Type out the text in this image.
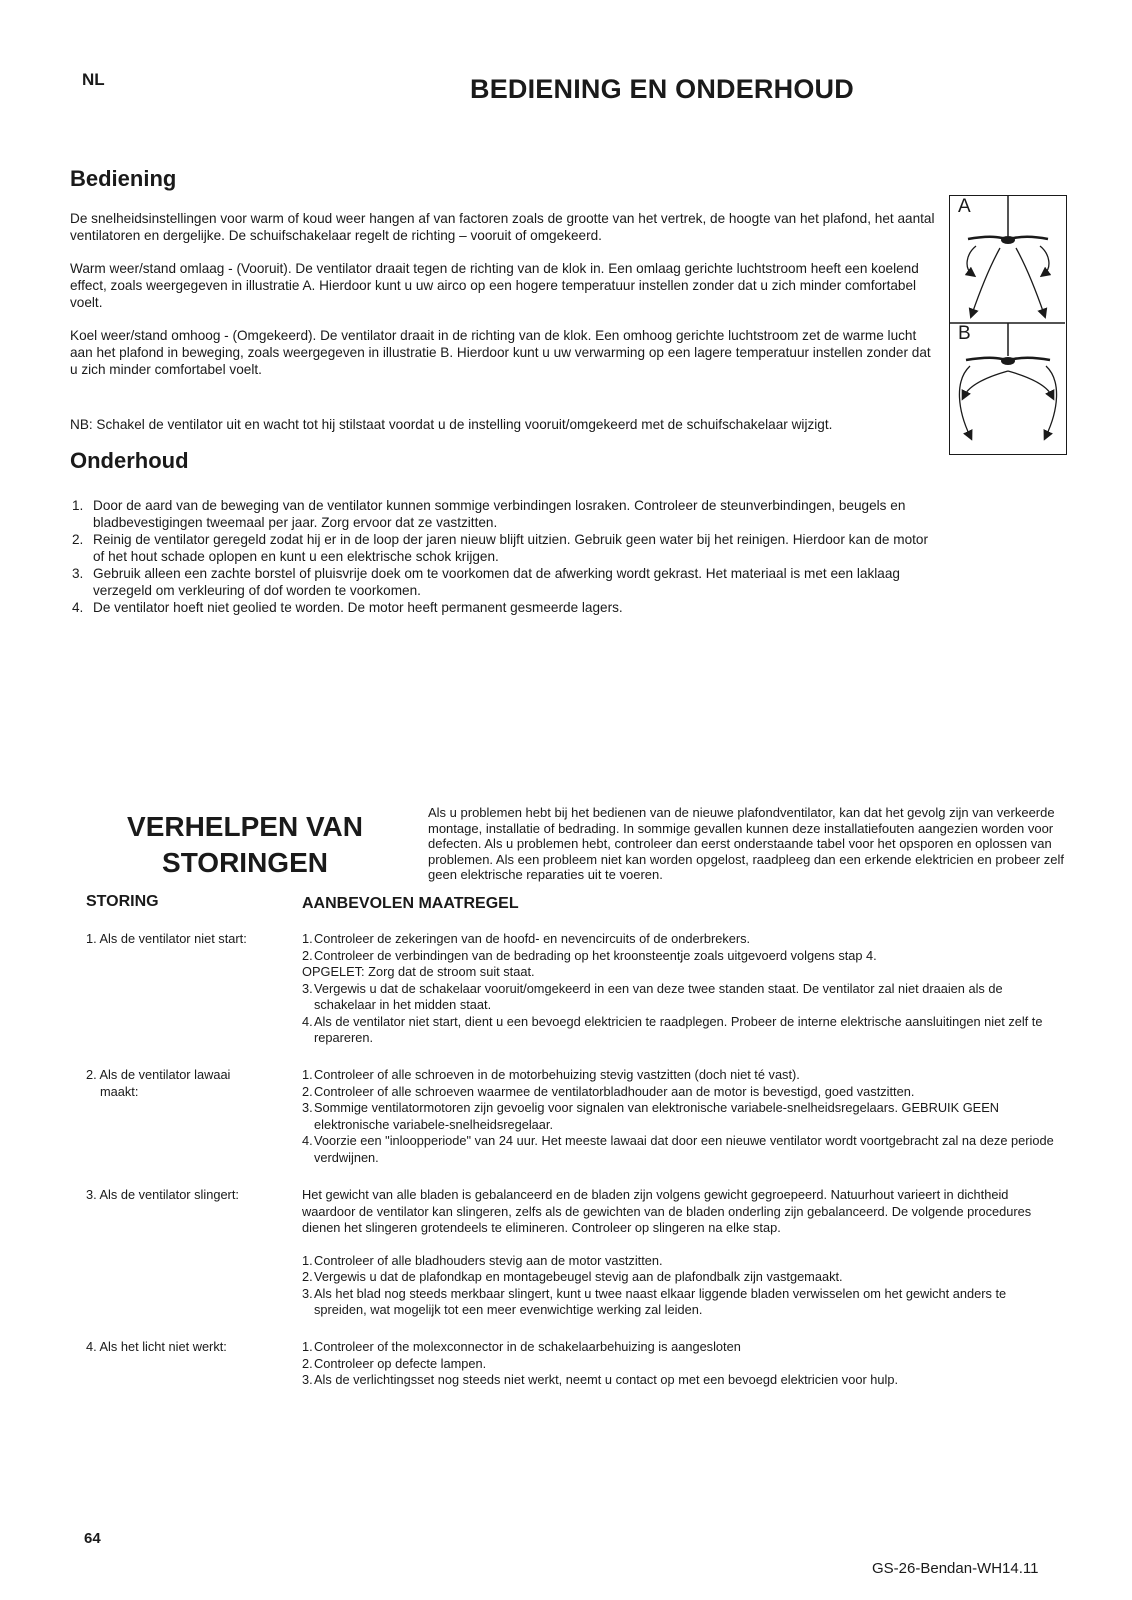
NL	BEDIENING EN ONDERHOUD
Bediening

De snelheidsinstellingen voor warm of koud weer hangen af van factoren zoals de grootte van het vertrek, de hoogte van het plafond, het aantal ventilatoren en dergelijke. De schuifschakelaar regelt de richting – vooruit of omgekeerd.

Warm weer/stand omlaag - (Vooruit). De ventilator draait tegen de richting van de klok in. Een omlaag gerichte luchtstroom heeft een koelend effect, zoals weergegeven in illustratie A. Hierdoor kunt u uw airco op een hogere temperatuur instellen zonder dat u zich minder comfortabel voelt.

Koel weer/stand omhoog - (Omgekeerd). De ventilator draait in de richting van de klok. Een omhoog gerichte luchtstroom zet de warme lucht aan het plafond in beweging, zoals weergegeven in illustratie B. Hierdoor kunt u uw verwarming op een lagere temperatuur instellen zonder dat u zich minder comfortabel voelt.

NB: Schakel de ventilator uit en wacht tot hij stilstaat voordat u de instelling vooruit/omgekeerd met de schuifschakelaar wijzigt.
A
B
Onderhoud
1. Door de aard van de beweging van de ventilator kunnen sommige verbindingen losraken. Controleer de steunverbindingen, beugels en bladbevestigingen tweemaal per jaar. Zorg ervoor dat ze vastzitten.
2. Reinig de ventilator geregeld zodat hij er in de loop der jaren nieuw blijft uitzien. Gebruik geen water bij het reinigen. Hierdoor kan de motor of het hout schade oplopen en kunt u een elektrische schok krijgen.
3. Gebruik alleen een zachte borstel of pluisvrije doek om te voorkomen dat de afwerking wordt gekrast. Het materiaal is met een laklaag verzegeld om verkleuring of dof worden te voorkomen.
4. De ventilator hoeft niet geolied te worden. De motor heeft permanent gesmeerde lagers.
VERHELPEN VAN
STORINGEN
Als u problemen hebt bij het bedienen van de nieuwe plafondventilator, kan dat het gevolg zijn van verkeerde montage, installatie of bedrading. In sommige gevallen kunnen deze installatiefouten aangezien worden voor defecten. Als u problemen hebt, controleer dan eerst onderstaande tabel voor het opsporen en oplossen van problemen. Als een probleem niet kan worden opgelost, raadpleeg dan een erkende elektricien en probeer zelf geen elektrische reparaties uit te voeren.
STORING	AANBEVOLEN MAATREGEL
1. Als de ventilator niet start:	1. Controleer de zekeringen van de hoofd- en nevencircuits of de onderbrekers.
2. Controleer de verbindingen van de bedrading op het kroonsteentje zoals uitgevoerd volgens stap 4.
OPGELET: Zorg dat de stroom suit staat.
3. Vergewis u dat de schakelaar vooruit/omgekeerd in een van deze twee standen staat. De ventilator zal niet draaien als de schakelaar in het midden staat.
4. Als de ventilator niet start, dient u een bevoegd elektricien te raadplegen. Probeer de interne elektrische aansluitingen niet zelf te repareren.
2. Als de ventilator lawaai
maakt:
1. Controleer of alle schroeven in de motorbehuizing stevig vastzitten (doch niet té vast).
2. Controleer of alle schroeven waarmee de ventilatorbladhouder aan de motor is bevestigd, goed vastzitten.
3. Sommige ventilatormotoren zijn gevoelig voor signalen van elektronische variabele-snelheidsregelaars. GEBRUIK GEEN elektronische variabele-snelheidsregelaar.
4. Voorzie een "inloopperiode" van 24 uur. Het meeste lawaai dat door een nieuwe ventilator wordt voortgebracht zal na deze periode verdwijnen.
3. Als de ventilator slingert:	Het gewicht van alle bladen is gebalanceerd en de bladen zijn volgens gewicht gegroepeerd. Natuurhout varieert in dichtheid waardoor de ventilator kan slingeren, zelfs als de gewichten van de bladen onderling zijn gebalanceerd. De volgende procedures dienen het slingeren grotendeels te elimineren. Controleer op slingeren na elke stap.
1. Controleer of alle bladhouders stevig aan de motor vastzitten.
2. Vergewis u dat de plafondkap en montagebeugel stevig aan de plafondbalk zijn vastgemaakt.
3. Als het blad nog steeds merkbaar slingert, kunt u twee naast elkaar liggende bladen verwisselen om het gewicht anders te spreiden, wat mogelijk tot een meer evenwichtige werking zal leiden.
4. Als het licht niet werkt:	1. Controleer of the molexconnector in de schakelaarbehuizing is aangesloten
2. Controleer op defecte lampen.
3. Als de verlichtingsset nog steeds niet werkt, neemt u contact op met een bevoegd elektricien voor hulp.
64
GS-26-Bendan-WH14.11
